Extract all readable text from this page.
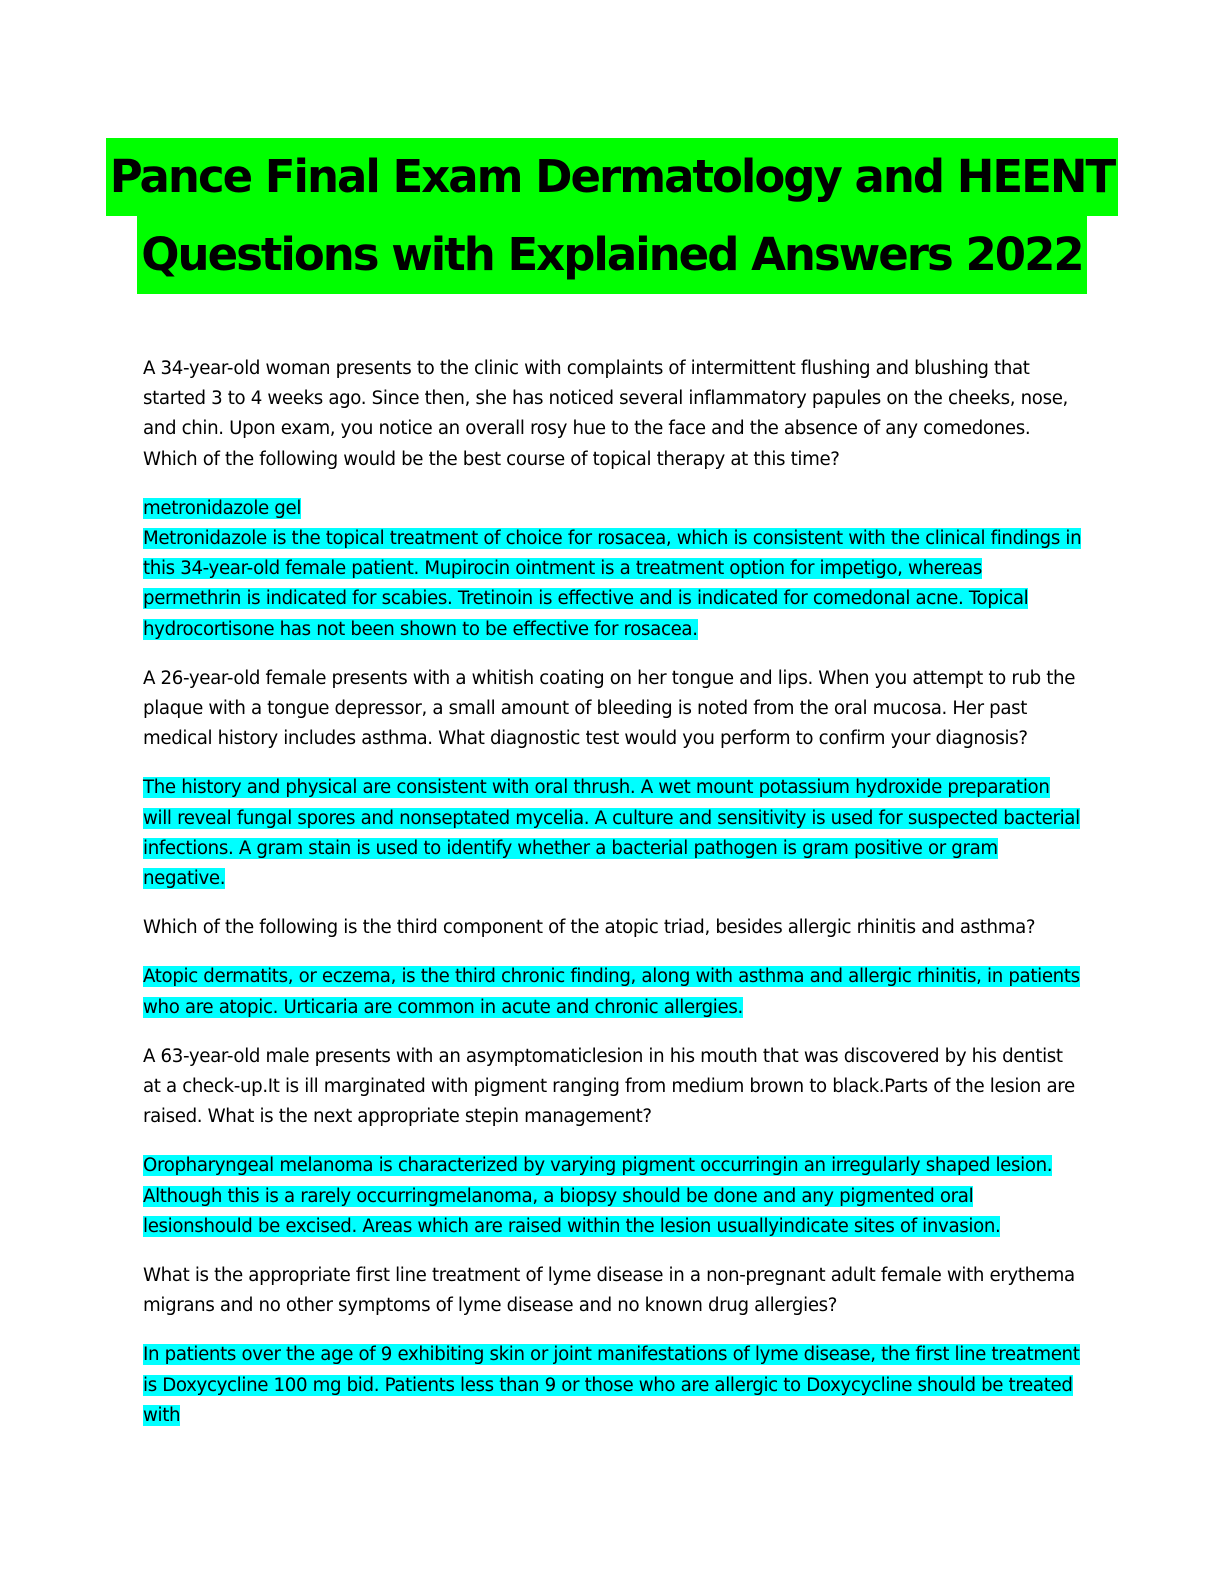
Pance Final Exam Dermatology and HEENT
Questions with Explained Answers 2022

A 34-year-old woman presents to the clinic with complaints of intermittent flushing and blushing that started 3 to 4 weeks ago. Since then, she has noticed several inflammatory papules on the cheeks, nose, and chin. Upon exam, you notice an overall rosy hue to the face and the absence of any comedones. Which of the following would be the best course of topical therapy at this time?

metronidazole gel
Metronidazole is the topical treatment of choice for rosacea, which is consistent with the clinical findings in this 34-year-old female patient. Mupirocin ointment is a treatment option for impetigo, whereas permethrin is indicated for scabies. Tretinoin is effective and is indicated for comedonal acne. Topical hydrocortisone has not been shown to be effective for rosacea.

A 26-year-old female presents with a whitish coating on her tongue and lips. When you attempt to rub the plaque with a tongue depressor, a small amount of bleeding is noted from the oral mucosa. Her past medical history includes asthma. What diagnostic test would you perform to confirm your diagnosis?

The history and physical are consistent with oral thrush. A wet mount potassium hydroxide preparation will reveal fungal spores and nonseptated mycelia. A culture and sensitivity is used for suspected bacterial infections. A gram stain is used to identify whether a bacterial pathogen is gram positive or gram negative.

Which of the following is the third component of the atopic triad, besides allergic rhinitis and asthma?

Atopic dermatits, or eczema, is the third chronic finding, along with asthma and allergic rhinitis, in patients who are atopic. Urticaria are common in acute and chronic allergies.

A 63-year-old male presents with an asymptomaticlesion in his mouth that was discovered by his dentist at a check-up.It is ill marginated with pigment ranging from medium brown to black.Parts of the lesion are raised. What is the next appropriate stepin management?

Oropharyngeal melanoma is characterized by varying pigment occurringin an irregularly shaped lesion. Although this is a rarely occurringmelanoma, a biopsy should be done and any pigmented oral lesionshould be excised. Areas which are raised within the lesion usuallyindicate sites of invasion.

What is the appropriate first line treatment of lyme disease in a non-pregnant adult female with erythema migrans and no other symptoms of lyme disease and no known drug allergies?

In patients over the age of 9 exhibiting skin or joint manifestations of lyme disease, the first line treatment is Doxycycline 100 mg bid. Patients less than 9 or those who are allergic to Doxycycline should be treated with
